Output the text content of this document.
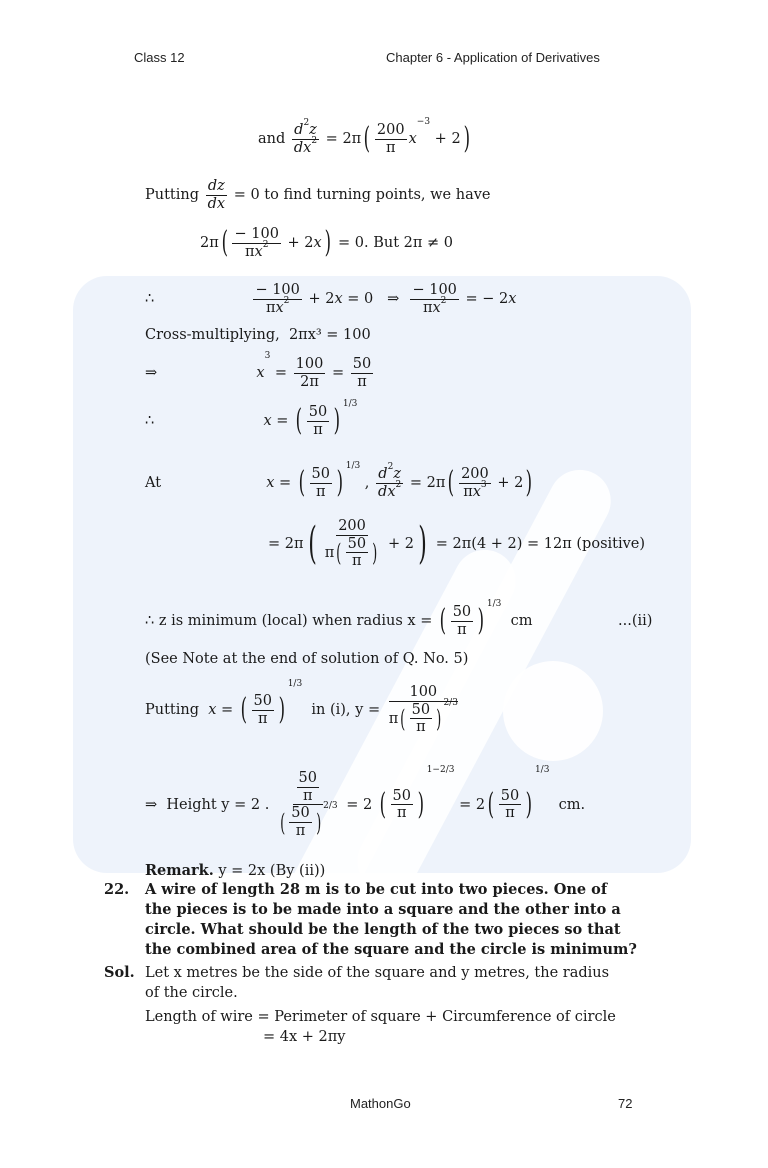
Class 12	Chapter 6 - Application of Derivatives
and $\frac{d^2z}{dx^2} = 2\pi( \frac{200}{\pi} x^{-3} + 2)$
Putting $\frac{dz}{dx} = 0$ to find turning points, we have
$2\pi( \frac{- 100}{\pi x^2} + 2x) = 0$. But 2π ≠ 0
∴	$\frac{- 100}{\pi x^2} + 2x = 0$   ⇒ $\frac{- 100}{\pi x^2}$ = − 2x
Cross-multiplying, 2πx³ = 100
⇒	$x^3 = \frac{100}{2\pi} = \frac{50}{\pi}$
∴	x = ( $\frac{50}{\pi}$ ) $^{1/3}$
At	x = ( $\frac{50}{\pi}$ ) $^{1/3}$ , $\frac{d^2z}{dx^2} = 2\pi( \frac{200}{\pi x^3} + 2)$
= $2\pi( \frac{200}{\pi( \frac{50}{\pi} )} + 2) = 2\pi(4 + 2) = 12\pi$ (positive)
∴ z is minimum (local) when radius x = ( $\frac{50}{\pi}$ ) $^{1/3}$  cm	...(ii)
(See Note at the end of solution of Q. No. 5)
Putting x = ( $\frac{50}{\pi} )^{1/3}$  in (i), $y = \frac{100}{\pi( \frac{50}{\pi} )^{2/3}}$
⇒ Height y = 2 . $\frac{\frac{50}{\pi}}{( \frac{50}{\pi} )^{2/3}} = 2$ ( $\frac{50}{\pi} )^{1-2/3} = 2( \frac{50}{\pi} )^{1/3}$  cm.
Remark. y = 2x (By (ii))
22. A wire of length 28 m is to be cut into two pieces. One of
the pieces is to be made into a square and the other into a
circle. What should be the length of the two pieces so that
the combined area of the square and the circle is minimum?
Sol. Let x metres be the side of the square and y metres, the radius
of the circle.
Length of wire = Perimeter of square + Circumference of circle
= 4x + 2πy
MathonGo	72
